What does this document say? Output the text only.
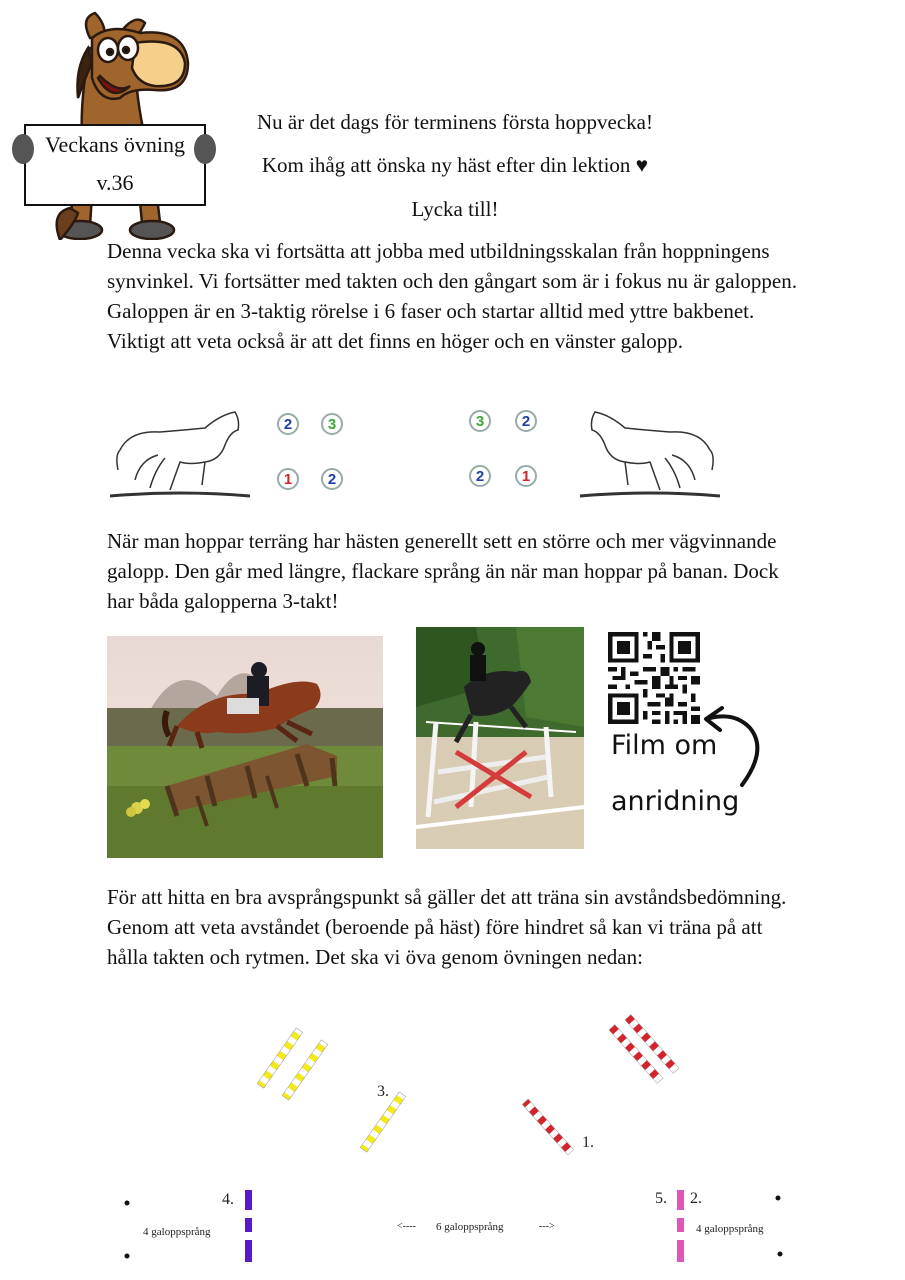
Veckans övning
v.36
Nu är det dags för terminens första hoppvecka!
Kom ihåg att önska ny häst efter din lektion ♥
Lycka till!
Denna vecka ska vi fortsätta att jobba med utbildningsskalan från hoppningens synvinkel. Vi fortsätter med takten och den gångart som är i fokus nu är galoppen. Galoppen är en 3-taktig rörelse i 6 faser och startar alltid med yttre bakbenet. Viktigt att veta också är att det finns en höger och en vänster galopp.
2 3
1 2
3	2
2	1
När man hoppar terräng har hästen generellt sett en större och mer vägvinnande galopp. Den går med längre, flackare språng än när man hoppar på banan. Dock har båda galopperna 3-takt!
Film om
anridning
För att hitta en bra avsprångspunkt så gäller det att träna sin avståndsbedömning. Genom att veta avståndet (beroende på häst) före hindret så kan vi träna på att hålla takten och rytmen. Det ska vi öva genom övningen nedan:
3.
1.
4.	5. 2.
4 galoppsprång	<---- 6 galoppsprång	--->	4 galoppsprång
